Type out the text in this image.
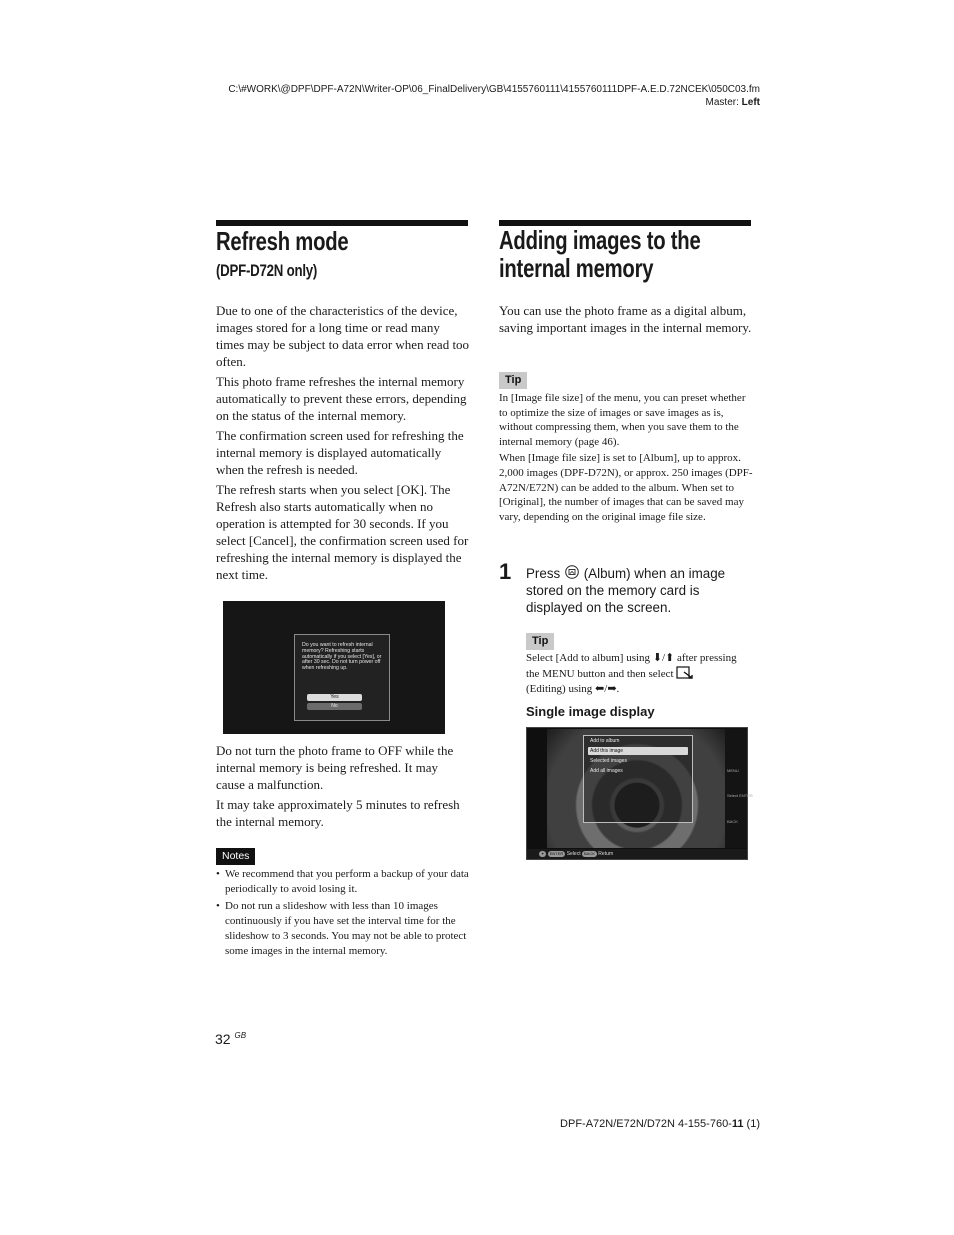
C:\#WORK\@DPF\DPF-A72N\Writer-OP\06_FinalDelivery\GB\4155760111\4155760111DPF-A.E.D.72NCEK\050C03.fm
Master: Left
Refresh mode
(DPF-D72N only)

Due to one of the characteristics of the device, images stored for a long time or read many times may be subject to data error when read too often.

This photo frame refreshes the internal memory automatically to prevent these errors, depending on the status of the internal memory.

The confirmation screen used for refreshing the internal memory is displayed automatically when the refresh is needed.

The refresh starts when you select [OK]. The Refresh also starts automatically when no operation is attempted for 30 seconds. If you select [Cancel], the confirmation screen used for refreshing the internal memory is displayed the next time.

Do you want to refresh internal memory? Refreshing starts automatically if you select [Yes], or after 30 sec. Do not turn power off when refreshing up.
Yes
No

Do not turn the photo frame to OFF while the internal memory is being refreshed. It may cause a malfunction.

It may take approximately 5 minutes to refresh the internal memory.

Notes
• We recommend that you perform a backup of your data periodically to avoid losing it.
• Do not run a slideshow with less than 10 images continuously if you have set the interval time for the slideshow to 3 seconds. You may not be able to protect some images in the internal memory.
32 $^{GB}$
Adding images to the
internal memory

You can use the photo frame as a digital album, saving important images in the internal memory.

Tip

In [Image file size] of the menu, you can preset whether to optimize the size of images or save images as is, without compressing them, when you save them to the internal memory (page 46).

When [Image file size] is set to [Album], up to approx. 2,000 images (DPF-D72N), or approx. 250 images (DPF-A72N/E72N) can be added to the album. When set to [Original], the number of images that can be saved may vary, depending on the original image file size.

1 Press (Album) when an image stored on the memory card is displayed on the screen.
Tip
Select [Add to album] using ⬇/⬆ after pressing
the MENU button and then select
(Editing) using ⬅/➡.
Single image display
Add to album
Add this image
Selected images
Add all images	MENU
Select ENTER
BACK
✦ ENTER Select BACK Return
DPF-A72N/E72N/D72N 4-155-760-11 (1)
